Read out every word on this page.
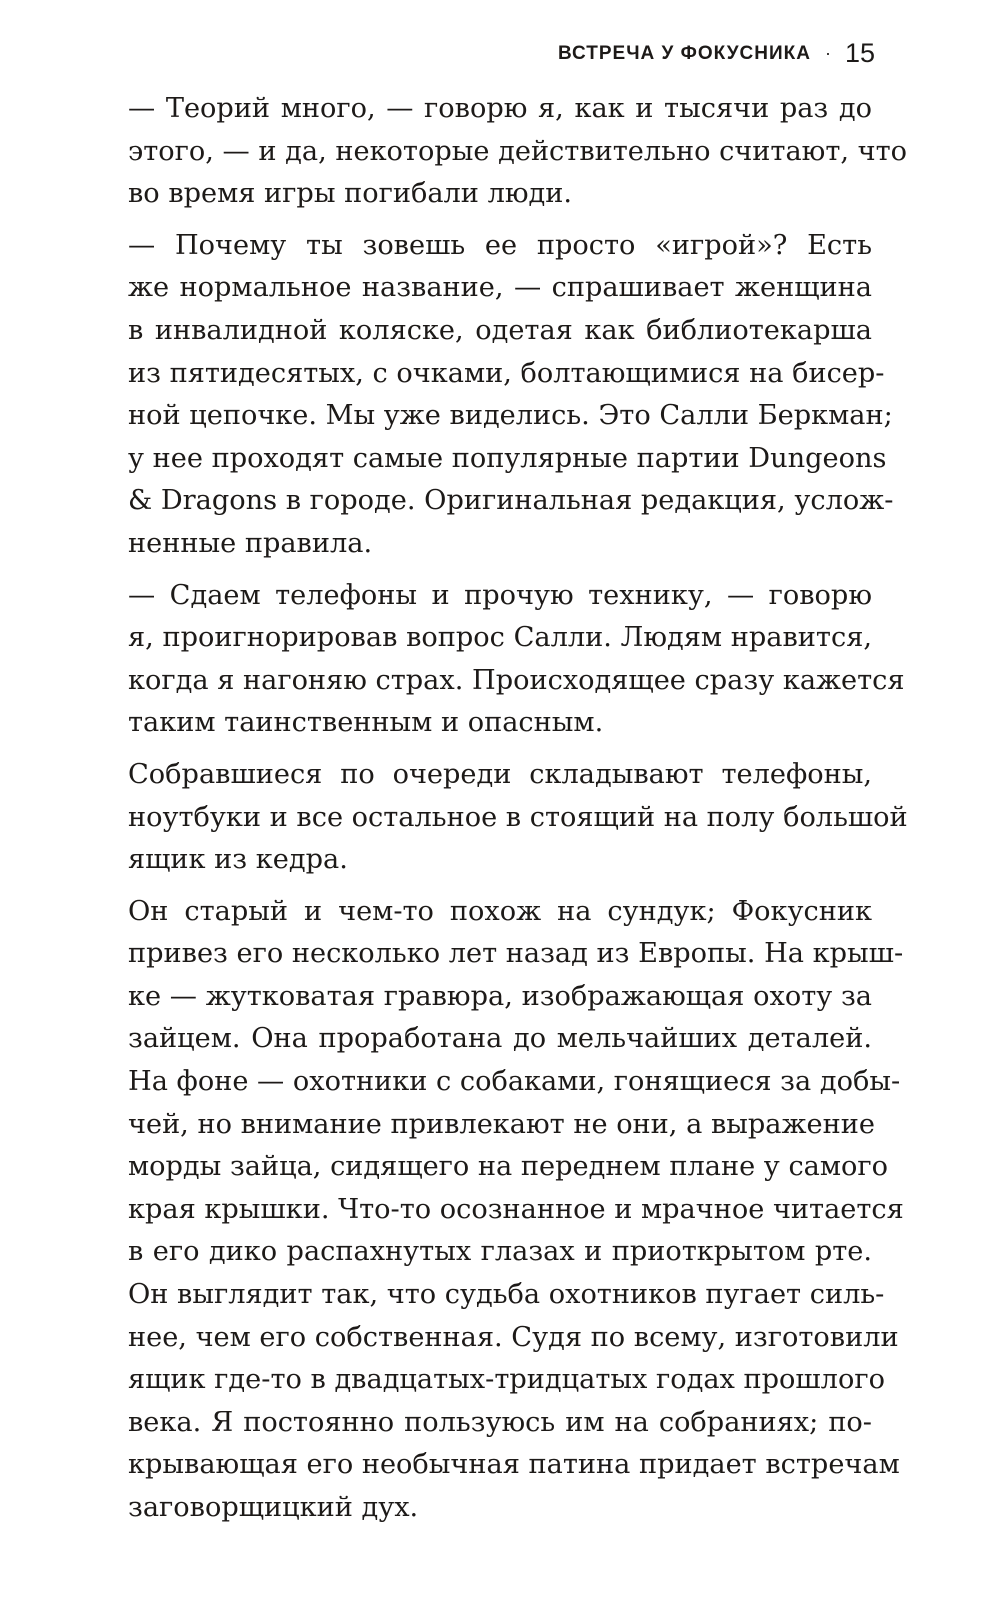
ВСТРЕЧА У ФОКУСНИКА · 15

— Теорий много, — говорю я, как и тысячи раз до
этого, — и да, некоторые действительно считают, что
во время игры погибали люди.

— Почему ты зовешь ее просто «игрой»? Есть
же нормальное название, — спрашивает женщина
в инвалидной коляске, одетая как библиотекарша
из пятидесятых, с очками, болтающимися на бисер-
ной цепочке. Мы уже виделись. Это Салли Беркман;
у нее проходят самые популярные партии Dungeons
& Dragons в городе. Оригинальная редакция, услож-
ненные правила.

— Сдаем телефоны и прочую технику, — говорю
я, проигнорировав вопрос Салли. Людям нравится,
когда я нагоняю страх. Происходящее сразу кажется
таким таинственным и опасным.

Собравшиеся по очереди складывают телефоны,
ноутбуки и все остальное в стоящий на полу большой
ящик из кедра.

Он старый и чем-то похож на сундук; Фокусник
привез его несколько лет назад из Европы. На крыш-
ке — жутковатая гравюра, изображающая охоту за
зайцем. Она проработана до мельчайших деталей.
На фоне — охотники с собаками, гонящиеся за добы-
чей, но внимание привлекают не они, а выражение
морды зайца, сидящего на переднем плане у самого
края крышки. Что-то осознанное и мрачное читается
в его дико распахнутых глазах и приоткрытом рте.
Он выглядит так, что судьба охотников пугает силь-
нее, чем его собственная. Судя по всему, изготовили
ящик где-то в двадцатых-тридцатых годах прошлого
века. Я постоянно пользуюсь им на собраниях; по-
крывающая его необычная патина придает встречам
заговорщицкий дух.
